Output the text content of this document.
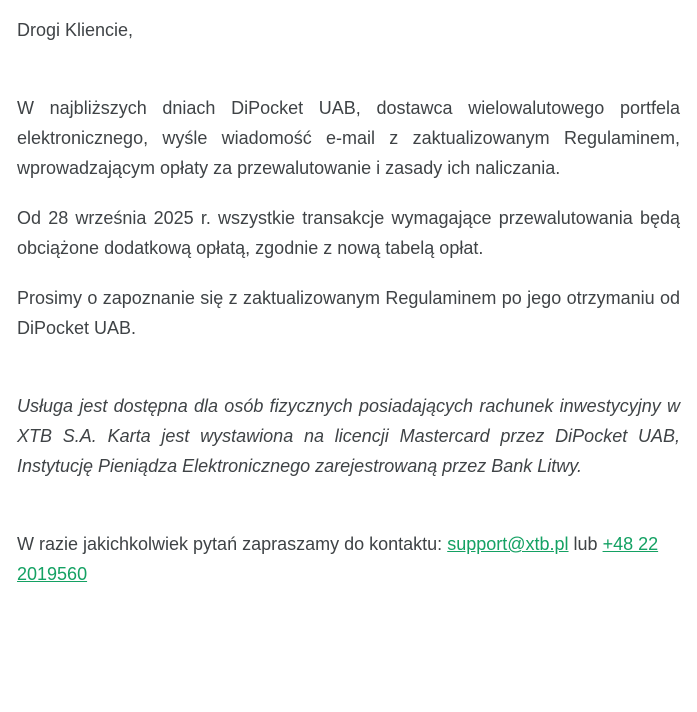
Drogi Kliencie,

W najbliższych dniach DiPocket UAB, dostawca wielowalutowego portfela elektronicznego, wyśle wiadomość e-mail z zaktualizowanym Regulaminem, wprowadzającym opłaty za przewalutowanie i zasady ich naliczania.

Od 28 września 2025 r. wszystkie transakcje wymagające przewalutowania będą obciążone dodatkową opłatą, zgodnie z nową tabelą opłat.

Prosimy o zapoznanie się z zaktualizowanym Regulaminem po jego otrzymaniu od DiPocket UAB.

Usługa jest dostępna dla osób fizycznych posiadających rachunek inwestycyjny w XTB S.A. Karta jest wystawiona na licencji Mastercard przez DiPocket UAB, Instytucję Pieniądza Elektronicznego zarejestrowaną przez Bank Litwy.

W razie jakichkolwiek pytań zapraszamy do kontaktu: support@xtb.pl lub +48 22 2019560
